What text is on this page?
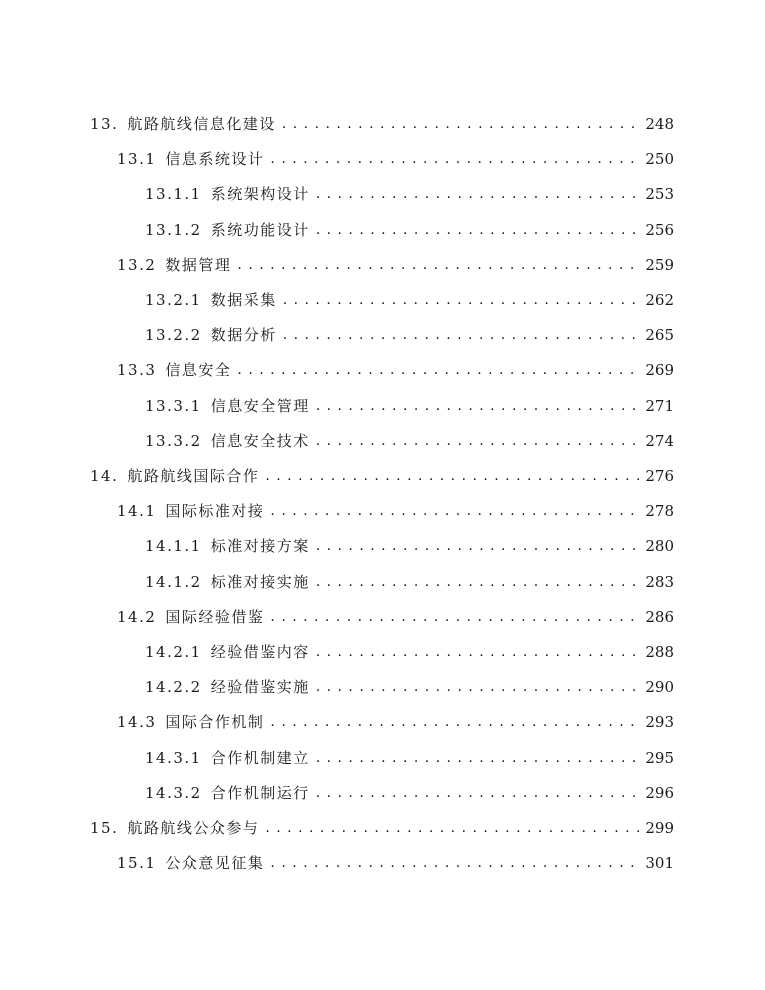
13. 航路航线信息化建设 . . .	248
13.1 信息系统设计 . . .	250
13.1.1 系统架构设计 . . .	253
13.1.2 系统功能设计 . . .	256
13.2 数据管理 . . .	259
13.2.1 数据采集 . . .	262
13.2.2 数据分析 . . .	265
13.3 信息安全 . . .	269
13.3.1 信息安全管理 . . .	271
13.3.2 信息安全技术 . . .	274
14. 航路航线国际合作 . . .	276
14.1 国际标准对接 . . .	278
14.1.1 标准对接方案 . . .	280
14.1.2 标准对接实施 . . .	283
14.2 国际经验借鉴 . . .	286
14.2.1 经验借鉴内容 . . .	288
14.2.2 经验借鉴实施 . . .	290
14.3 国际合作机制 . . .	293
14.3.1 合作机制建立 . . .	295
14.3.2 合作机制运行 . . .	296
15. 航路航线公众参与 . . .	299
15.1 公众意见征集 . . .	301
